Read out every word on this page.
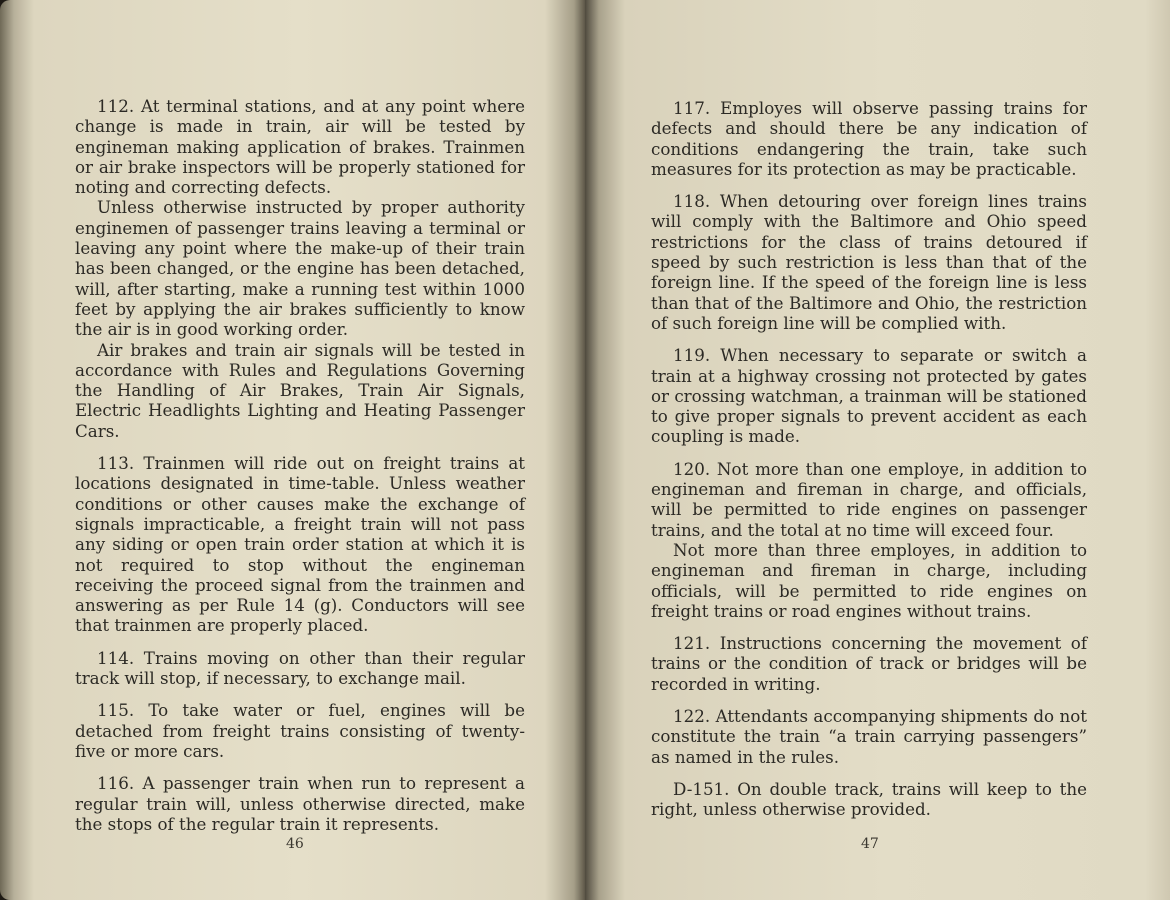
112. At terminal stations, and at any point where change is made in train, air will be tested by engineman making application of brakes. Trainmen or air brake inspectors will be properly stationed for noting and correcting defects.

Unless otherwise instructed by proper authority enginemen of passenger trains leaving a terminal or leaving any point where the make-up of their train has been changed, or the engine has been detached, will, after starting, make a running test within 1000 feet by applying the air brakes sufficiently to know the air is in good working order.

Air brakes and train air signals will be tested in accordance with Rules and Regulations Governing the Handling of Air Brakes, Train Air Signals, Electric Headlights Lighting and Heating Passenger Cars.

113. Trainmen will ride out on freight trains at locations designated in time-table. Unless weather conditions or other causes make the exchange of signals impracticable, a freight train will not pass any siding or open train order station at which it is not required to stop without the engineman receiving the proceed signal from the trainmen and answering as per Rule 14 (g). Conductors will see that trainmen are properly placed.

114. Trains moving on other than their regular track will stop, if necessary, to exchange mail.

115. To take water or fuel, engines will be detached from freight trains consisting of twenty-five or more cars.

116. A passenger train when run to represent a regular train will, unless otherwise directed, make the stops of the regular train it represents.

46

117. Employes will observe passing trains for defects and should there be any indication of conditions endangering the train, take such measures for its protection as may be practicable.

118. When detouring over foreign lines trains will comply with the Baltimore and Ohio speed restrictions for the class of trains detoured if speed by such restriction is less than that of the foreign line. If the speed of the foreign line is less than that of the Baltimore and Ohio, the restriction of such foreign line will be complied with.

119. When necessary to separate or switch a train at a highway crossing not protected by gates or crossing watchman, a trainman will be stationed to give proper signals to prevent accident as each coupling is made.

120. Not more than one employe, in addition to engineman and fireman in charge, and officials, will be permitted to ride engines on passenger trains, and the total at no time will exceed four.

Not more than three employes, in addition to engineman and fireman in charge, including officials, will be permitted to ride engines on freight trains or road engines without trains.

121. Instructions concerning the movement of trains or the condition of track or bridges will be recorded in writing.

122. Attendants accompanying shipments do not constitute the train “a train carrying passengers” as named in the rules.

D-151. On double track, trains will keep to the right, unless otherwise provided.

47
